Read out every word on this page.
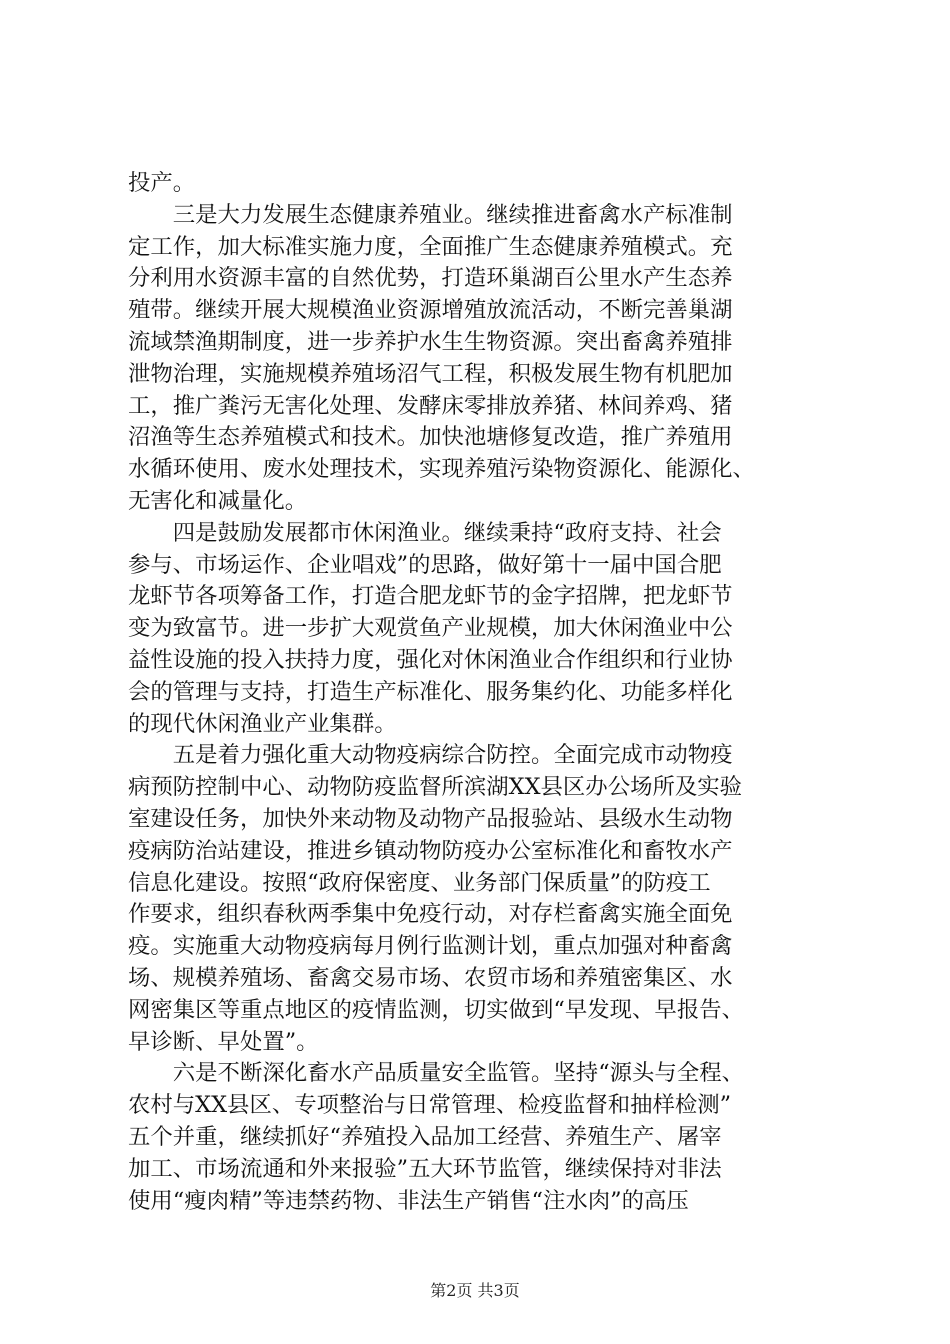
投产。
　　三是大力发展生态健康养殖业。继续推进畜禽水产标准制
定工作，加大标准实施力度，全面推广生态健康养殖模式。充
分利用水资源丰富的自然优势，打造环巢湖百公里水产生态养
殖带。继续开展大规模渔业资源增殖放流活动，不断完善巢湖
流域禁渔期制度，进一步养护水生生物资源。突出畜禽养殖排
泄物治理，实施规模养殖场沼气工程，积极发展生物有机肥加
工，推广粪污无害化处理、发酵床零排放养猪、林间养鸡、猪
沼渔等生态养殖模式和技术。加快池塘修复改造，推广养殖用
水循环使用、废水处理技术，实现养殖污染物资源化、能源化、
无害化和减量化。
　　四是鼓励发展都市休闲渔业。继续秉持“政府支持、社会
参与、市场运作、企业唱戏”的思路，做好第十一届中国合肥
龙虾节各项筹备工作，打造合肥龙虾节的金字招牌，把龙虾节
变为致富节。进一步扩大观赏鱼产业规模，加大休闲渔业中公
益性设施的投入扶持力度，强化对休闲渔业合作组织和行业协
会的管理与支持，打造生产标准化、服务集约化、功能多样化
的现代休闲渔业产业集群。
　　五是着力强化重大动物疫病综合防控。全面完成市动物疫
病预防控制中心、动物防疫监督所滨湖XX县区办公场所及实验
室建设任务，加快外来动物及动物产品报验站、县级水生动物
疫病防治站建设，推进乡镇动物防疫办公室标准化和畜牧水产
信息化建设。按照“政府保密度、业务部门保质量”的防疫工
作要求，组织春秋两季集中免疫行动，对存栏畜禽实施全面免
疫。实施重大动物疫病每月例行监测计划，重点加强对种畜禽
场、规模养殖场、畜禽交易市场、农贸市场和养殖密集区、水
网密集区等重点地区的疫情监测，切实做到“早发现、早报告、
早诊断、早处置”。
　　六是不断深化畜水产品质量安全监管。坚持“源头与全程、
农村与XX县区、专项整治与日常管理、检疫监督和抽样检测”
五个并重，继续抓好“养殖投入品加工经营、养殖生产、屠宰
加工、市场流通和外来报验”五大环节监管，继续保持对非法
使用“瘦肉精”等违禁药物、非法生产销售“注水肉”的高压
第2页 共3页
